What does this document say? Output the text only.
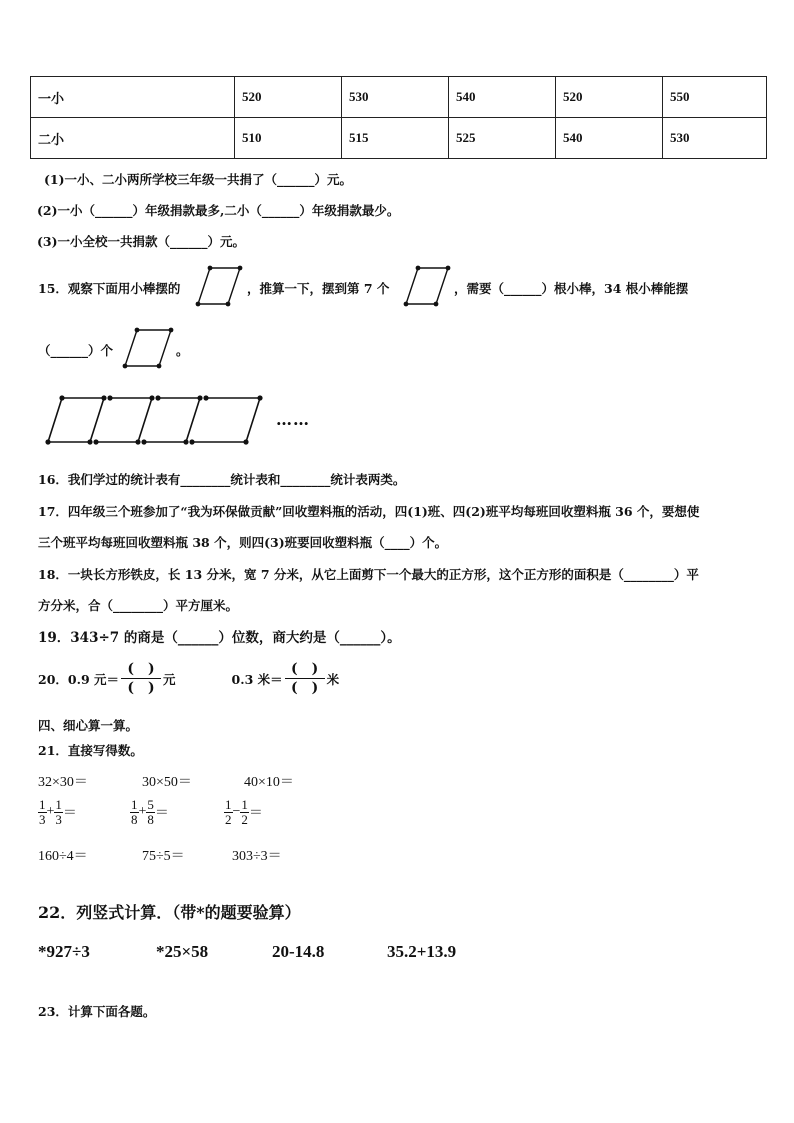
一小	520	530	540	520	550
二小	510	515	525	540	530
(1)一小、二小两所学校三年级一共捐了（______）元。
(2)一小（______）年级捐款最多,二小（______）年级捐款最少。
(3)一小全校一共捐款（______）元。
15．观察下面用小棒摆的	，推算一下，摆到第 7 个	，需要（______）根小棒，34 根小棒能摆
（______）个	。
……
16．我们学过的统计表有________统计表和________统计表两类。
17．四年级三个班参加了“我为环保做贡献”回收塑料瓶的活动，四(1)班、四(2)班平均每班回收塑料瓶 36 个，要想使
三个班平均每班回收塑料瓶 38 个，则四(3)班要回收塑料瓶（____）个。
18．一块长方形铁皮，长 13 分米，宽 7 分米，从它上面剪下一个最大的正方形，这个正方形的面积是（________）平
方分米，合（________）平方厘米。
19．343÷7 的商是（______）位数，商大约是（______）。
20． 0.9 元＝
(　)
(　)
元	0.3 米＝
(　)
(　)
米
四、细心算一算。
21．直接写得数。
32×30＝	30×50＝	40×10＝
$\frac{1}{3} + \frac{1}{3}$ ＝	$\frac{1}{8} + \frac{5}{8}$ ＝	$\frac{1}{2} - \frac{1}{2}$ ＝
160÷4＝	75÷5＝	303÷3＝
22．列竖式计算．（带*的题要验算）
*927÷3	*25×58	20-14.8	35.2+13.9
23．计算下面各题。
